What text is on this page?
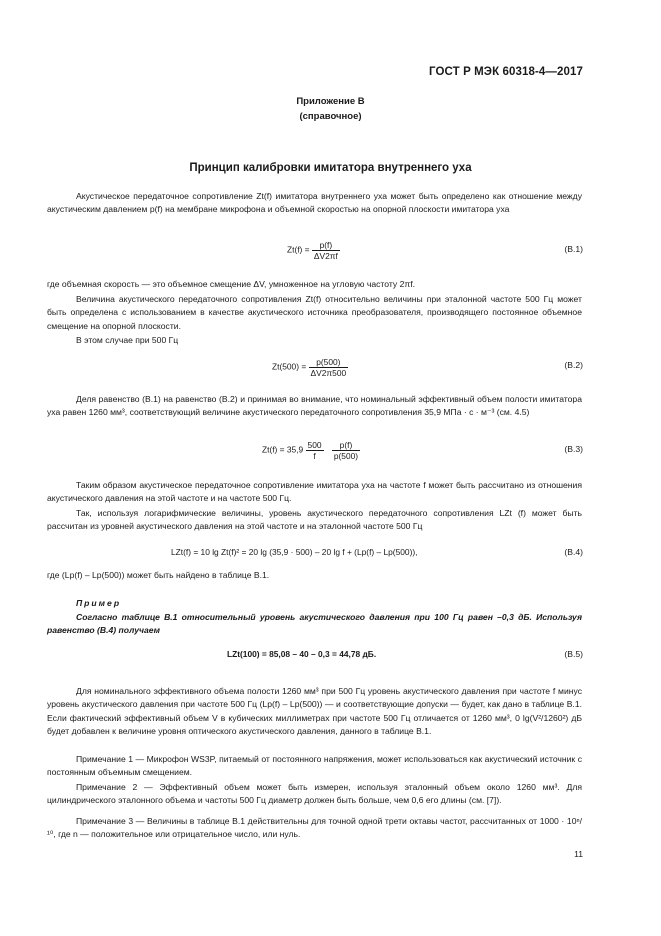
ГОСТ Р МЭК 60318-4—2017
Приложение В
(справочное)
Принцип калибровки имитатора внутреннего уха
Акустическое передаточное сопротивление Zt(f) имитатора внутреннего уха может быть определено как отношение между акустическим давлением p(f) на мембране микрофона и объемной скоростью на опорной плоскости имитатора уха
$Zt(f) = \frac{p(f)}{\Delta V2\pi f}$	(В.1)
где объемная скорость — это объемное смещение ΔV, умноженное на угловую частоту 2πf.
Величина акустического передаточного сопротивления Zt(f) относительно величины при эталонной частоте 500 Гц может быть определена с использованием в качестве акустического источника преобразователя, производящего постоянное объемное смещение на опорной плоскости.
В этом случае при 500 Гц
$Zt(500) = \frac{p(500)}{\Delta V2\pi 500}$	(В.2)
Деля равенство (В.1) на равенство (В.2) и принимая во внимание, что номинальный эффективный объем полости имитатора уха равен 1260 мм³, соответствующий величине акустического передаточного сопротивления 35,9 МПа · с · м⁻³ (см. 4.5)
$Zt(f) = 35,9 \frac{500}{f}$
$\frac{p(f)}{p(500)}$	(В.3)
Таким образом акустическое передаточное сопротивление имитатора уха на частоте f может быть рассчитано из отношения акустического давления на этой частоте и на частоте 500 Гц.
Так, используя логарифмические величины, уровень акустического передаточного сопротивления LZt (f) может быть рассчитан из уровней акустического давления на этой частоте и на эталонной частоте 500 Гц
LZt(f) = 10 lg Zt(f)² = 20 lg (35,9 · 500) – 20 lg f + (Lp(f) – Lp(500)),	(В.4)
где (Lp(f) – Lp(500)) может быть найдено в таблице В.1.
Пример
Согласно таблице В.1 относительный уровень акустического давления при 100 Гц равен –0,3 дБ. Используя равенство (В.4) получаем
LZt(100) = 85,08 – 40 – 0,3 = 44,78 дБ.	(В.5)
Для номинального эффективного объема полости 1260 мм³ при 500 Гц уровень акустического давления при частоте f минус уровень акустического давления при частоте 500 Гц (Lp(f) – Lp(500)) — и соответствующие допуски — будет, как дано в таблице В.1. Если фактический эффективный объем V в кубических миллиметрах при частоте 500 Гц отличается от 1260 мм³, 0 lg(V²/1260²) дБ будет добавлен к величине уровня оптического акустического давления, данного в таблице В.1.
Примечание 1 — Микрофон WS3P, питаемый от постоянного напряжения, может использоваться как акустический источник с постоянным объемным смещением.
Примечание 2 — Эффективный объем может быть измерен, используя эталонный объем около 1260 мм³. Для цилиндрического эталонного объема и частоты 500 Гц диаметр должен быть больше, чем 0,6 его длины (см. [7]).
Примечание 3 — Величины в таблице В.1 действительны для точной одной трети октавы частот, рассчитанных от 1000 · 10ⁿ/¹⁰, где n — положительное или отрицательное число, или нуль.
11
